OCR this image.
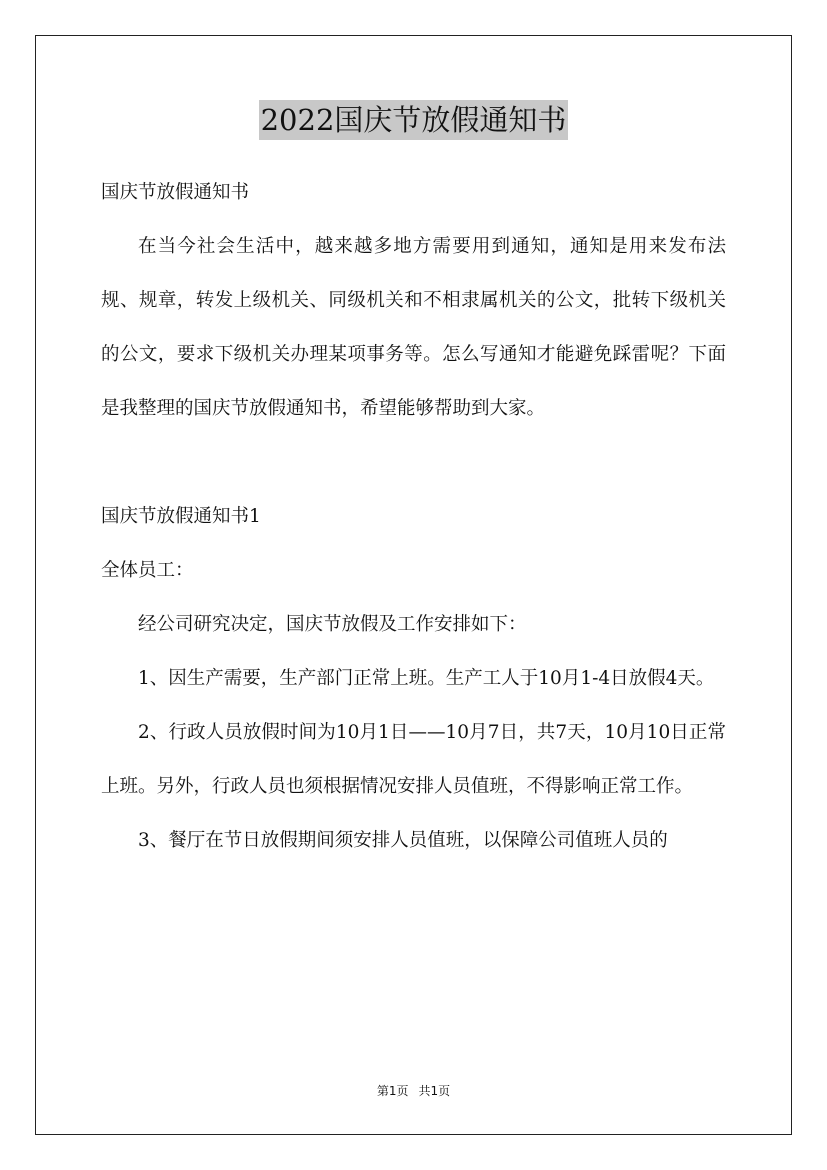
2022国庆节放假通知书

国庆节放假通知书

在当今社会生活中，越来越多地方需要用到通知，通知是用来发布法规、规章，转发上级机关、同级机关和不相隶属机关的公文，批转下级机关的公文，要求下级机关办理某项事务等。怎么写通知才能避免踩雷呢？下面是我整理的国庆节放假通知书，希望能够帮助到大家。

国庆节放假通知书1

全体员工：

经公司研究决定，国庆节放假及工作安排如下：

1、因生产需要，生产部门正常上班。生产工人于10月1-4日放假4天。

2、行政人员放假时间为10月1日——10月7日，共7天，10月10日正常上班。另外，行政人员也须根据情况安排人员值班，不得影响正常工作。

3、餐厅在节日放假期间须安排人员值班，以保障公司值班人员的

第1页 共1页
